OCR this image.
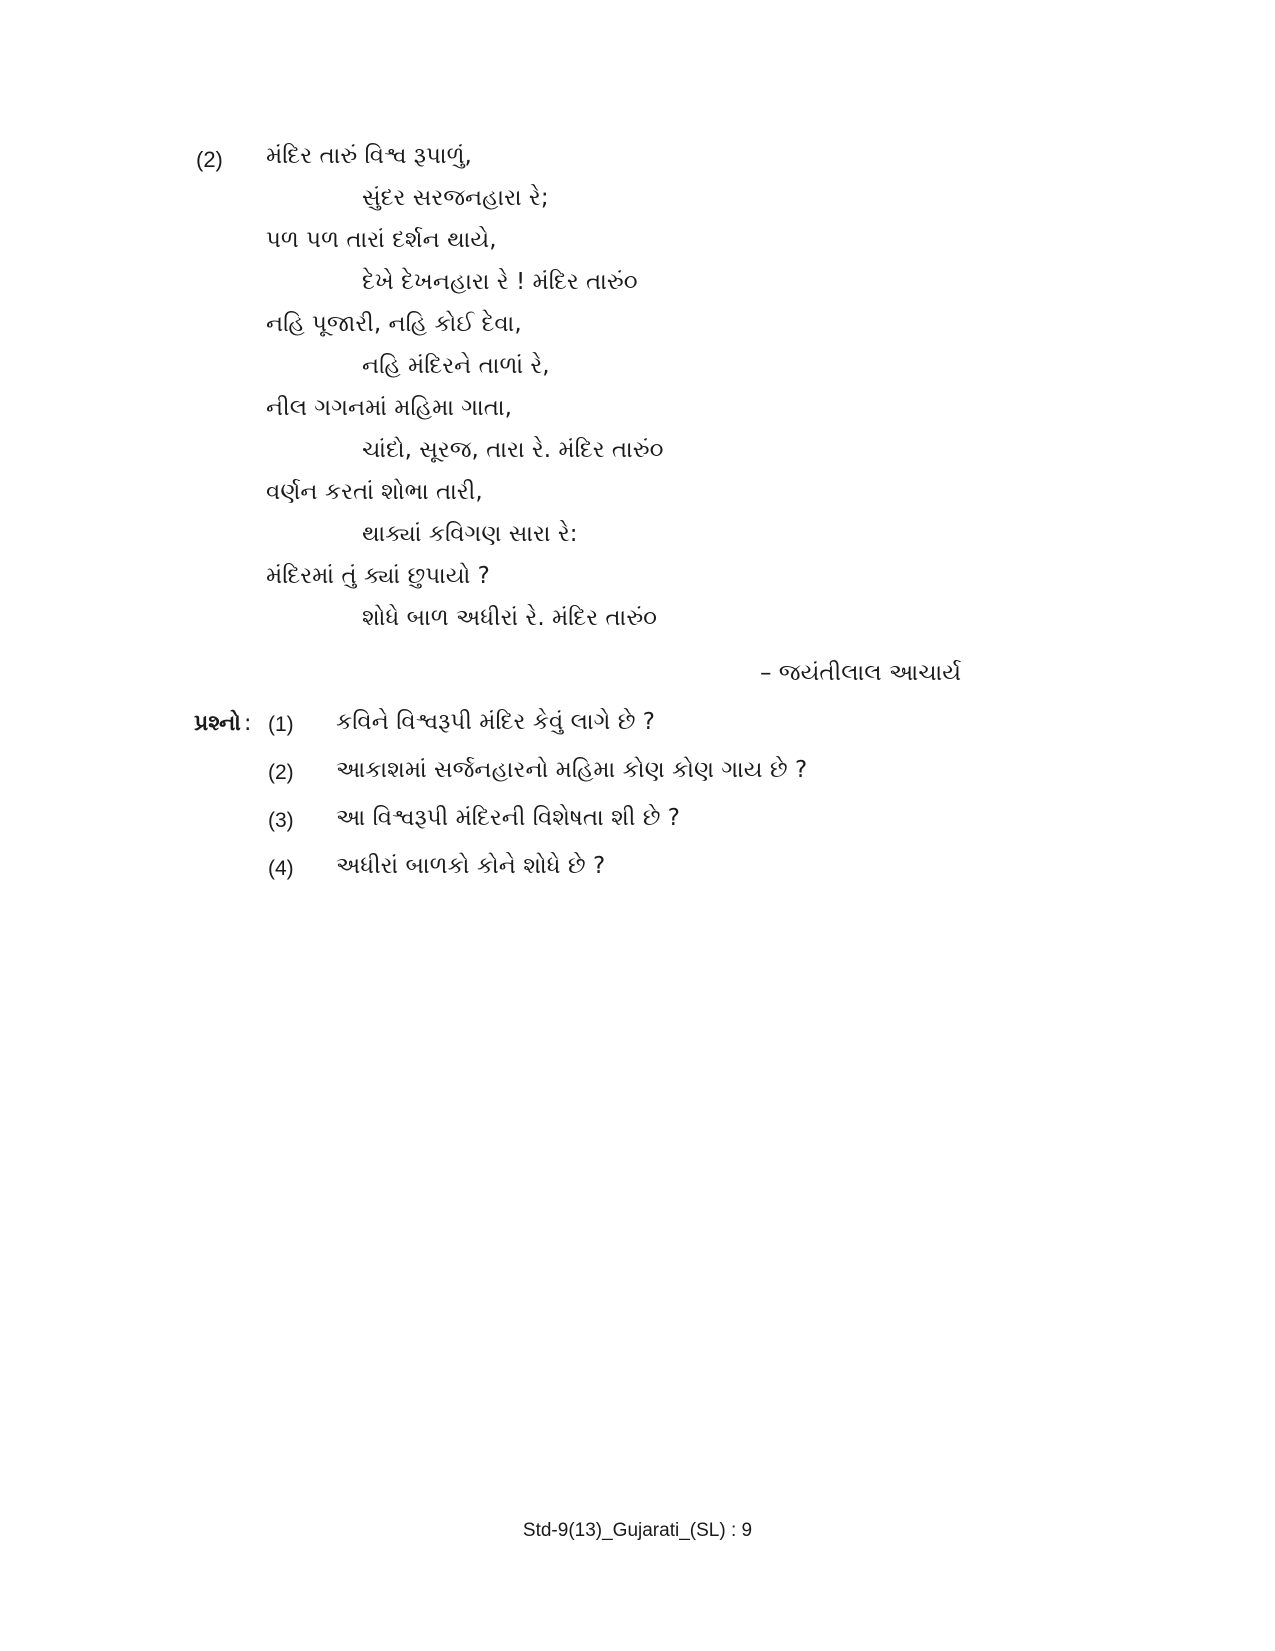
(2) મંદિર તારું વિશ્વ રૂપાળું,
સુંદર સરજનહારા રે;
પળ પળ તારાં દર્શન થાયે,
દેખે દેખનહારા રે ! મંદિર તારું૦
નહિ પૂજારી, નહિ કોઈ દેવા,
નહિ મંદિરને તાળાં રે,
નીલ ગગનમાં મહિમા ગાતા,
ચાંદો, સૂરજ, તારા રે. મંદિર તારું૦
વર્ણન કરતાં શોભા તારી,
થાક્યાં કવિગણ સારા રે:
મંદિરમાં તું ક્યાં છુપાયો ?
શોધે બાળ અધીરાં રે. મંદિર તારું૦
– જયંતીલાલ આચાર્ય
પ્રશ્નો : (1) કવિને વિશ્વરૂપી મંદિર કેવું લાગે છે ?
(2) આકાશમાં સર્જનહારનો મહિમા કોણ કોણ ગાય છે ?
(3) આ વિશ્વરૂપી મંદિરની વિશેષતા શી છે ?
(4) અધીરાં બાળકો કોને શોધે છે ?
Std-9(13)_Gujarati_(SL) : 9
